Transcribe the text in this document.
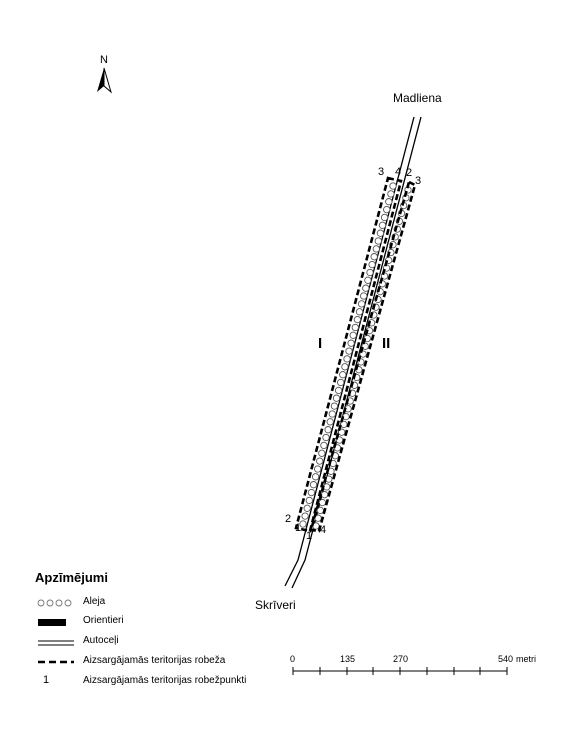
N
Madliena
Skrīveri
I	II
3 4 2
3
2
1
1 4
Apzīmējumi
Aleja
Orientieri
Autoceļi
Aizsargājamās teritorijas robeža
1	Aizsargājamās teritorijas robežpunkti
0	135	270	540 metri
